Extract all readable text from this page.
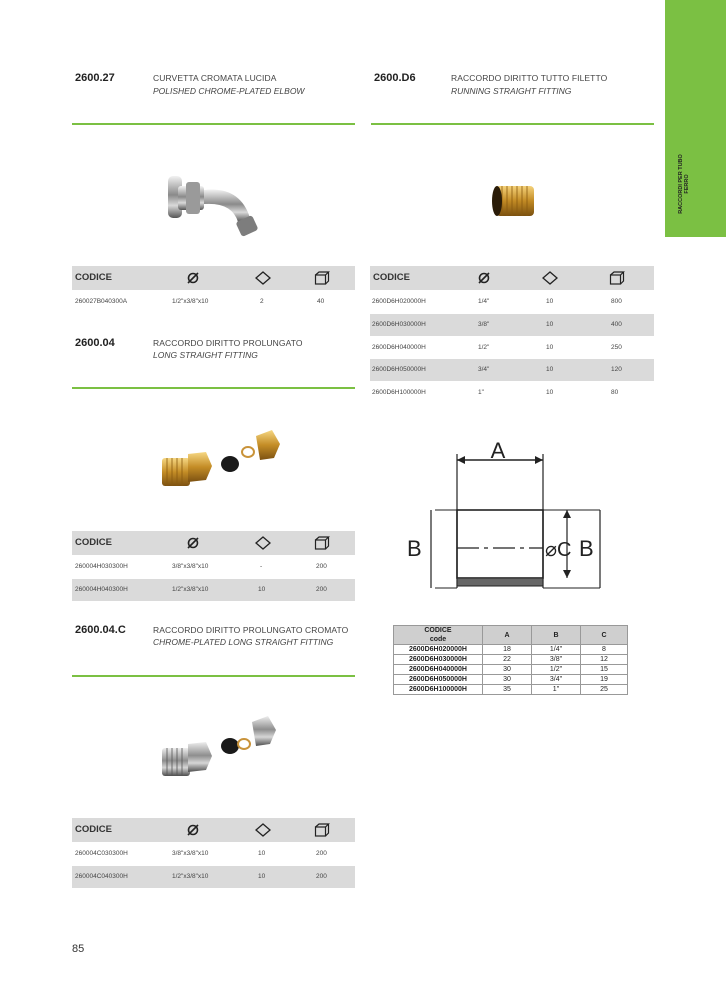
RACCORDI PER TUBO
FERRO
2600.27	CURVETTA CROMATA LUCIDA
POLISHED CHROME-PLATED ELBOW
CODICE
260027B040300A	1/2"x3/8"x10	2	40
2600.D6	RACCORDO DIRITTO TUTTO FILETTO
RUNNING STRAIGHT FITTING
CODICE
2600D6H020000H	1/4"	10	800
2600D6H030000H	3/8"	10	400
2600D6H040000H	1/2"	10	250
2600D6H050000H	3/4"	10	120
2600D6H100000H	1"	10	80
2600.04	RACCORDO DIRITTO PROLUNGATO
LONG STRAIGHT FITTING
CODICE
260004H030300H	3/8"x3/8"x10	-	200
260004H040300H	1/2"x3/8"x10	10	200
2600.04.C	RACCORDO DIRITTO PROLUNGATO CROMATO
CHROME-PLATED LONG STRAIGHT FITTING
CODICE
260004C030300H	3/8"x3/8"x10	10	200
260004C040300H	1/2"x3/8"x10	10	200
A
B	⌀C B
CODICE
code	A	B	C
2600D6H020000H	18	1/4"	8
2600D6H030000H	22	3/8"	12
2600D6H040000H	30	1/2"	15
2600D6H050000H	30	3/4"	19
2600D6H100000H	35	1"	25
85
